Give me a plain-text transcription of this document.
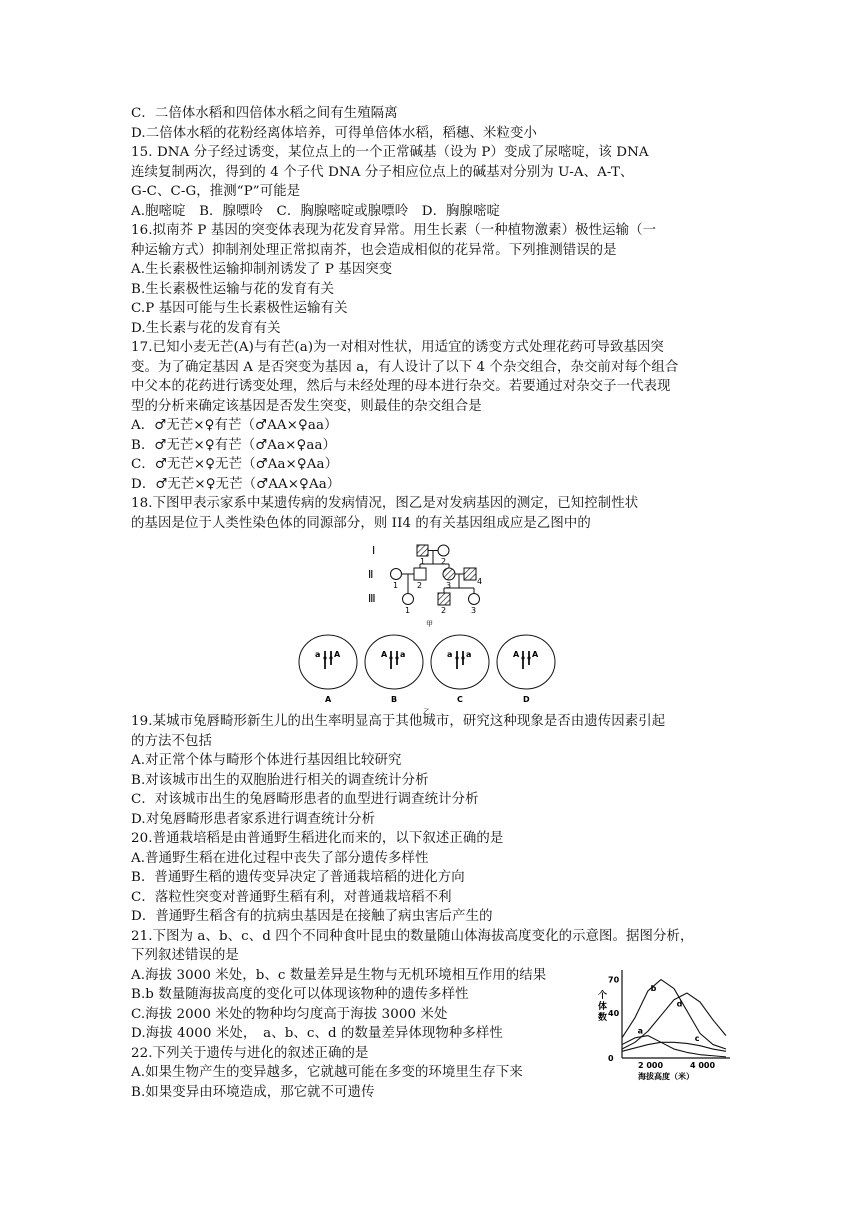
C．二倍体水稻和四倍体水稻之间有生殖隔离
D.二倍体水稻的花粉经离体培养，可得单倍体水稻，稻穗、米粒变小
15. DNA 分子经过诱变，某位点上的一个正常碱基（设为 P）变成了尿嘧啶，该 DNA
连续复制两次，得到的 4 个子代 DNA 分子相应位点上的碱基对分别为 U-A、A-T、
G-C、C-G，推测“P”可能是
A.胞嘧啶　B．腺嘌呤　C．胸腺嘧啶或腺嘌呤　D．胸腺嘧啶
16.拟南芥 P 基因的突变体表现为花发育异常。用生长素（一种植物激素）极性运输（一
种运输方式）抑制剂处理正常拟南芥，也会造成相似的花异常。下列推测错误的是
A.生长素极性运输抑制剂诱发了 P 基因突变
B.生长素极性运输与花的发育有关
C.P 基因可能与生长素极性运输有关
D.生长素与花的发育有关
17.已知小麦无芒(A)与有芒(a)为一对相对性状，用适宜的诱变方式处理花药可导致基因突
变。为了确定基因 A 是否突变为基因 a，有人设计了以下 4 个杂交组合，杂交前对每个组合
中父本的花药进行诱变处理，然后与未经处理的母本进行杂交。若要通过对杂交子一代表现
型的分析来确定该基因是否发生突变，则最佳的杂交组合是
A．♂无芒×♀有芒（♂AA×♀aa）
B．♂无芒×♀有芒（♂Aa×♀aa）
C．♂无芒×♀无芒（♂Aa×♀Aa）
D．♂无芒×♀无芒（♂AA×♀Aa）
18.下图甲表示家系中某遗传病的发病情况，图乙是对发病基因的测定，已知控制性状
的基因是位于人类性染色体的同源部分，则 II4 的有关基因组成应是乙图中的
Ⅰ
Ⅱ
Ⅲ
1 2
1 2	3	4
1	2	3
甲
a A
A
A a
B
a a
C
A A
D
乙
19.某城市兔唇畸形新生儿的出生率明显高于其他城市，研究这种现象是否由遗传因素引起
的方法不包括
A.对正常个体与畸形个体进行基因组比较研究
B.对该城市出生的双胞胎进行相关的调查统计分析
C．对该城市出生的兔唇畸形患者的血型进行调查统计分析
D.对兔唇畸形患者家系进行调查统计分析
20.普通栽培稻是由普通野生稻进化而来的，以下叙述正确的是
A.普通野生稻在进化过程中丧失了部分遗传多样性
B．普通野生稻的遗传变异决定了普通栽培稻的进化方向
C．落粒性突变对普通野生稻有利，对普通栽培稻不利
D．普通野生稻含有的抗病虫基因是在接触了病虫害后产生的
21.下图为 a、b、c、d 四个不同种食叶昆虫的数量随山体海拔高度变化的示意图。据图分析，
下列叙述错误的是
A.海拔 3000 米处，b、c 数量差异是生物与无机环境相互作用的结果
B.b 数量随海拔高度的变化可以体现该物种的遗传多样性
C.海拔 2000 米处的物种均匀度高于海拔 3000 米处
D.海拔 4000 米处，　a、b、c、d 的数量差异体现物种多样性
22.下列关于遗传与进化的叙述正确的是
A.如果生物产生的变异越多，它就越可能在多变的环境里生存下来
B.如果变异由环境造成，那它就不可遗传
个
体
数
70
40
0
2 000	4 000
海拔高度（米）
a
b
c
d
